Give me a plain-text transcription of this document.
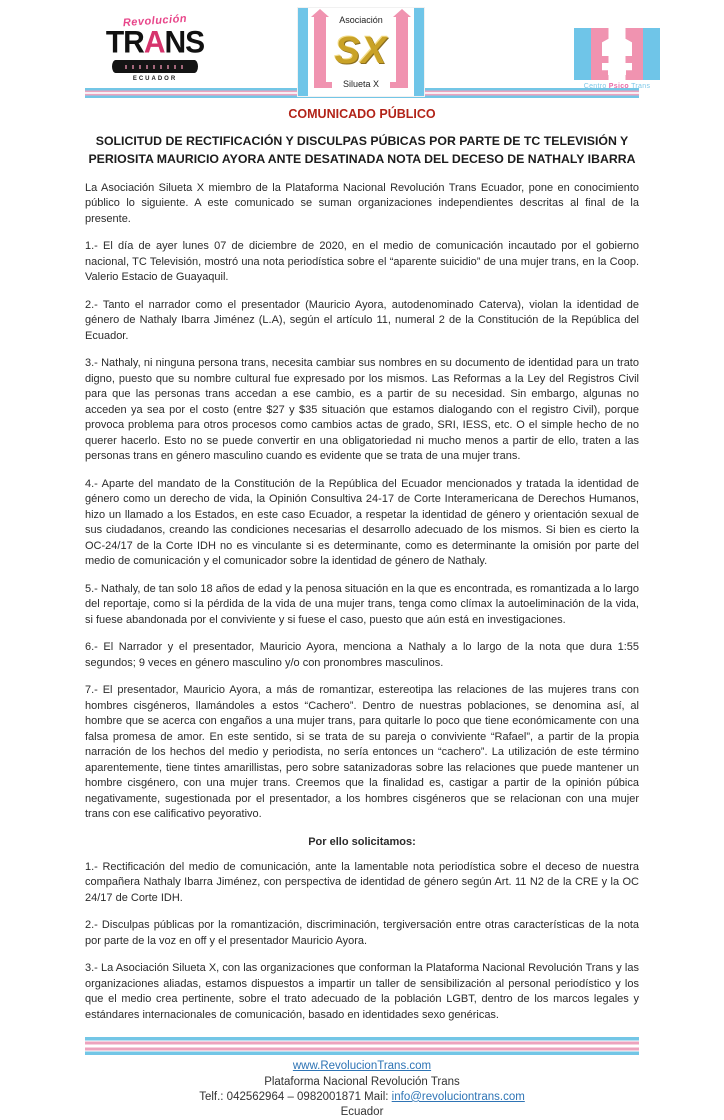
Revolución
TRANS
ECUADOR
Asociación
SX
Silueta X	Centro Psico Trans
COMUNICADO PÚBLICO
SOLICITUD DE RECTIFICACIÓN Y DISCULPAS PÚBICAS POR PARTE DE TC TELEVISIÓN Y PERIOSITA MAURICIO AYORA ANTE DESATINADA NOTA DEL DECESO DE NATHALY IBARRA

La Asociación Silueta X miembro de la Plataforma Nacional Revolución Trans Ecuador, pone en conocimiento público lo siguiente. A este comunicado se suman organizaciones independientes descritas al final de la presente.

1.- El día de ayer lunes 07 de diciembre de 2020, en el medio de comunicación incautado por el gobierno nacional, TC Televisión, mostró una nota periodística sobre el “aparente suicidio” de una mujer trans, en la Coop. Valerio Estacio de Guayaquil.

2.- Tanto el narrador como el presentador (Mauricio Ayora, autodenominado Caterva), violan la identidad de género de Nathaly Ibarra Jiménez (L.A), según el artículo 11, numeral 2 de la Constitución de la República del Ecuador.

3.- Nathaly, ni ninguna persona trans, necesita cambiar sus nombres en su documento de identidad para un trato digno, puesto que su nombre cultural fue expresado por los mismos. Las Reformas a la Ley del Registros Civil para que las personas trans accedan a ese cambio, es a partir de su necesidad. Sin embargo, algunas no acceden ya sea por el costo (entre $27 y $35 situación que estamos dialogando con el registro Civil), porque provoca problema para otros procesos como cambios actas de grado, SRI, IESS, etc. O el simple hecho de no querer hacerlo. Esto no se puede convertir en una obligatoriedad ni mucho menos a partir de ello, traten a las personas trans en género masculino cuando es evidente que se trata de una mujer trans.

4.- Aparte del mandato de la Constitución de la República del Ecuador mencionados y tratada la identidad de género como un derecho de vida, la Opinión Consultiva 24-17 de Corte Interamericana de Derechos Humanos, hizo un llamado a los Estados, en este caso Ecuador, a respetar la identidad de género y orientación sexual de sus ciudadanos, creando las condiciones necesarias el desarrollo adecuado de los mismos. Si bien es cierto la OC-24/17 de la Corte IDH no es vinculante si es determinante, como es determinante la omisión por parte del medio de comunicación y el comunicador sobre la identidad de género de Nathaly.

5.- Nathaly, de tan solo 18 años de edad y la penosa situación en la que es encontrada, es romantizada a lo largo del reportaje, como si la pérdida de la vida de una mujer trans, tenga como clímax la autoeliminación de la vida, si fuese abandonada por el conviviente y si fuese el caso, puesto que aún está en investigaciones.

6.- El Narrador y el presentador, Mauricio Ayora, menciona a Nathaly a lo largo de la nota que dura 1:55 segundos; 9 veces en género masculino y/o con pronombres masculinos.

7.- El presentador, Mauricio Ayora, a más de romantizar, estereotipa las relaciones de las mujeres trans con hombres cisgéneros, llamándoles a estos “Cachero”. Dentro de nuestras poblaciones, se denomina así, al hombre que se acerca con engaños a una mujer trans, para quitarle lo poco que tiene económicamente con una falsa promesa de amor. En este sentido, si se trata de su pareja o conviviente “Rafael”, a partir de la propia narración de los hechos del medio y periodista, no sería entonces un “cachero”. La utilización de este término aparentemente, tiene tintes amarillistas, pero sobre satanizadoras sobre las relaciones que puede mantener un hombre cisgénero, con una mujer trans. Creemos que la finalidad es, castigar a partir de la opinión púbica negativamente, sugestionada por el presentador, a los hombres cisgéneros que se relacionan con una mujer trans con ese calificativo peyorativo.

Por ello solicitamos:

1.- Rectificación del medio de comunicación, ante la lamentable nota periodística sobre el deceso de nuestra compañera Nathaly Ibarra Jiménez, con perspectiva de identidad de género según Art. 11 N2 de la CRE y la OC 24/17 de Corte IDH.

2.- Disculpas públicas por la romantización, discriminación, tergiversación entre otras características de la nota por parte de la voz en off y el presentador Mauricio Ayora.

3.- La Asociación Silueta X, con las organizaciones que conforman la Plataforma Nacional Revolución Trans y las organizaciones aliadas, estamos dispuestos a impartir un taller de sensibilización al personal periodístico y los que el medio crea pertinente, sobre el trato adecuado de la población LGBT, dentro de los marcos legales y estándares internacionales de comunicación, basado en identidades sexo genéricas.

www.RevolucionTrans.com
Plataforma Nacional Revolución Trans
Telf.: 042562964 – 0982001871 Mail: info@revoluciontrans.com
Ecuador
